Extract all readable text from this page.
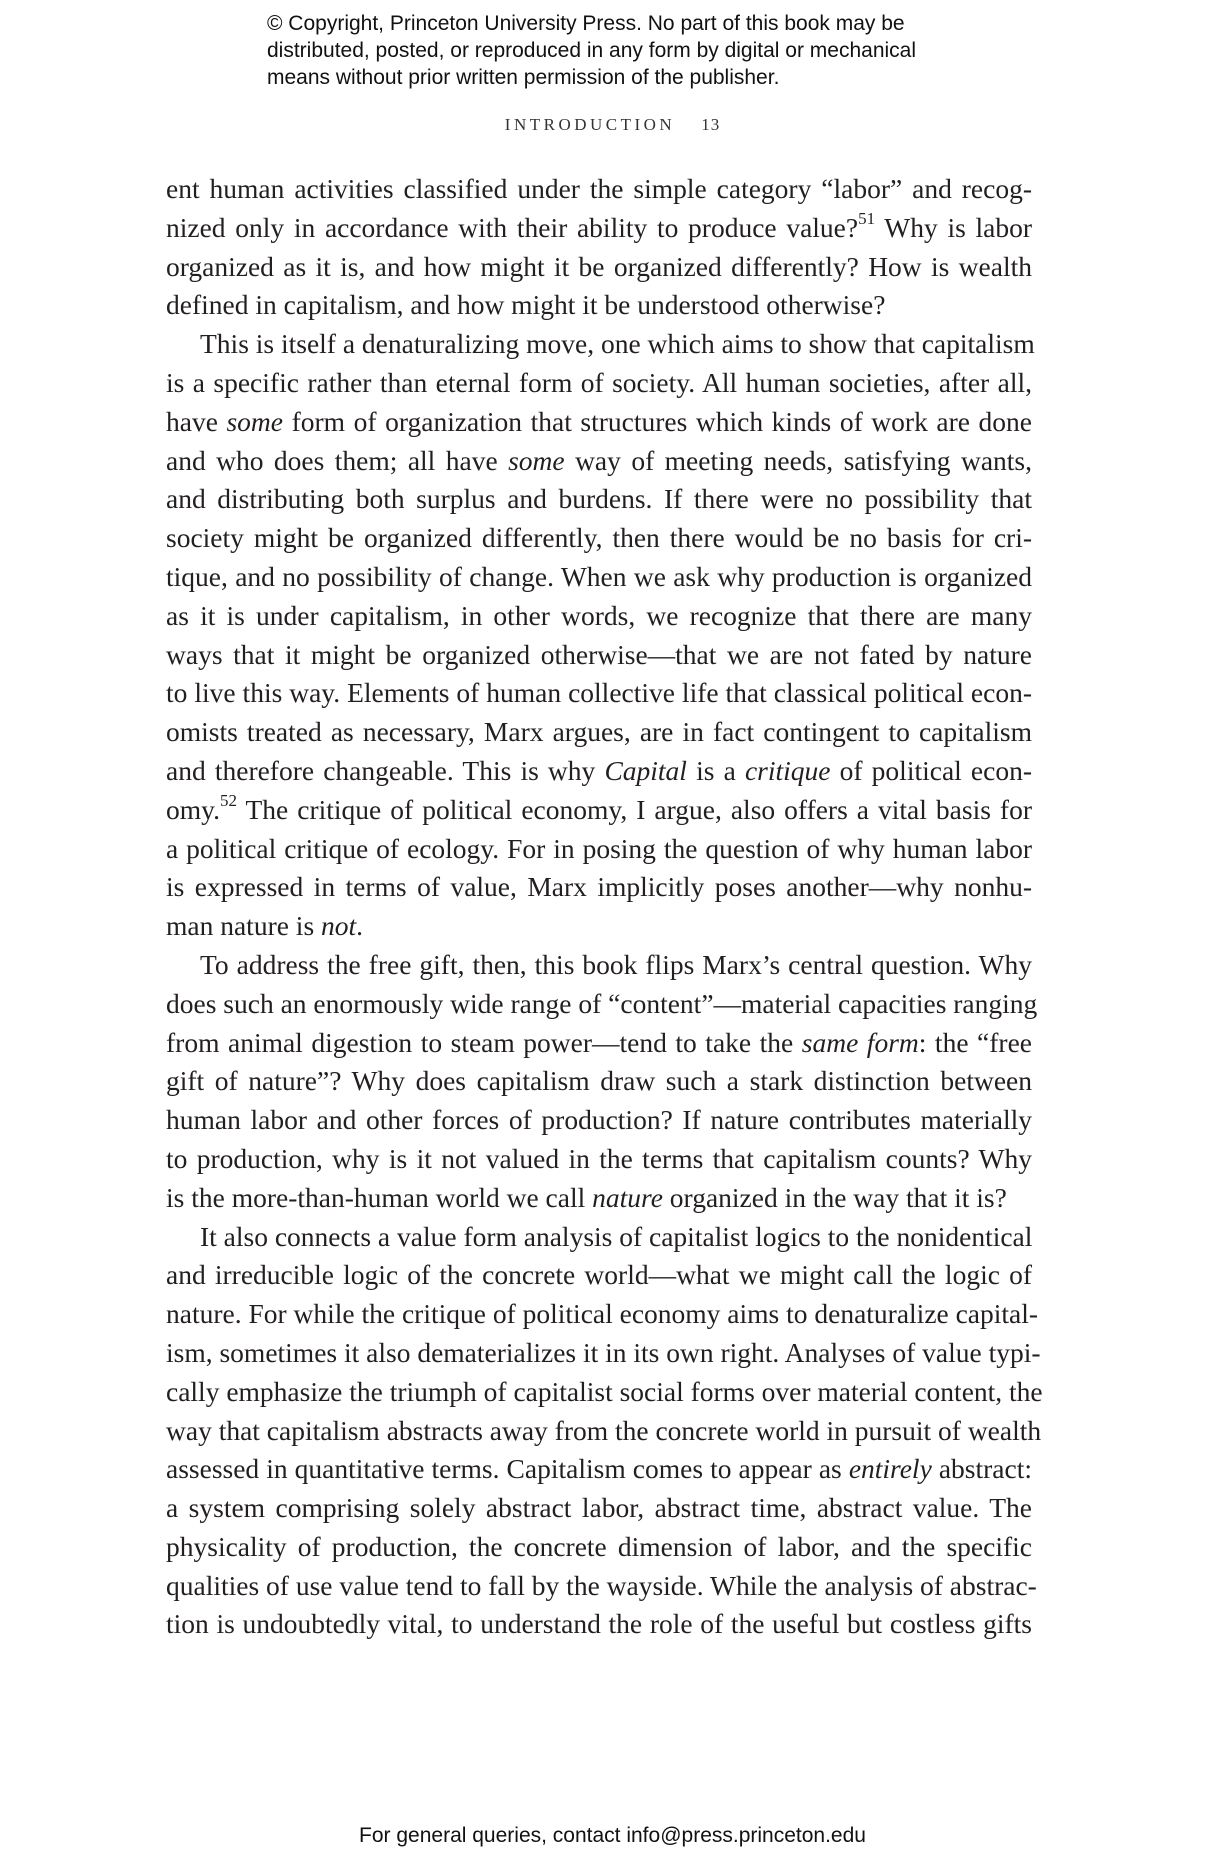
© Copyright, Princeton University Press. No part of this book may be
distributed, posted, or reproduced in any form by digital or mechanical
means without prior written permission of the publisher.
INTRODUCTION 13
ent human activities classified under the simple category “labor” and recog-
nized only in accordance with their ability to produce value?$^{51}$ Why is labor
organized as it is, and how might it be organized differently? How is wealth
defined in capitalism, and how might it be understood otherwise?
This is itself a denaturalizing move, one which aims to show that capitalism
is a specific rather than eternal form of society. All human societies, after all,
have some form of organization that structures which kinds of work are done
and who does them; all have some way of meeting needs, satisfying wants,
and distributing both surplus and burdens. If there were no possibility that
society might be organized differently, then there would be no basis for cri-
tique, and no possibility of change. When we ask why production is organized
as it is under capitalism, in other words, we recognize that there are many
ways that it might be organized otherwise—that we are not fated by nature
to live this way. Elements of human collective life that classical political econ-
omists treated as necessary, Marx argues, are in fact contingent to capitalism
and therefore changeable. This is why Capital is a critique of political econ-
omy.$^{52}$ The critique of political economy, I argue, also offers a vital basis for
a political critique of ecology. For in posing the question of why human labor
is expressed in terms of value, Marx implicitly poses another—why nonhu-
man nature is not.
To address the free gift, then, this book flips Marx’s central question. Why
does such an enormously wide range of “content”—material capacities ranging
from animal digestion to steam power—tend to take the same form: the “free
gift of nature”? Why does capitalism draw such a stark distinction between
human labor and other forces of production? If nature contributes materially
to production, why is it not valued in the terms that capitalism counts? Why
is the more-than-human world we call nature organized in the way that it is?
It also connects a value form analysis of capitalist logics to the nonidentical
and irreducible logic of the concrete world—what we might call the logic of
nature. For while the critique of political economy aims to denaturalize capital-
ism, sometimes it also dematerializes it in its own right. Analyses of value typi-
cally emphasize the triumph of capitalist social forms over material content, the
way that capitalism abstracts away from the concrete world in pursuit of wealth
assessed in quantitative terms. Capitalism comes to appear as entirely abstract:
a system comprising solely abstract labor, abstract time, abstract value. The
physicality of production, the concrete dimension of labor, and the specific
qualities of use value tend to fall by the wayside. While the analysis of abstrac-
tion is undoubtedly vital, to understand the role of the useful but costless gifts
For general queries, contact info@press.princeton.edu
